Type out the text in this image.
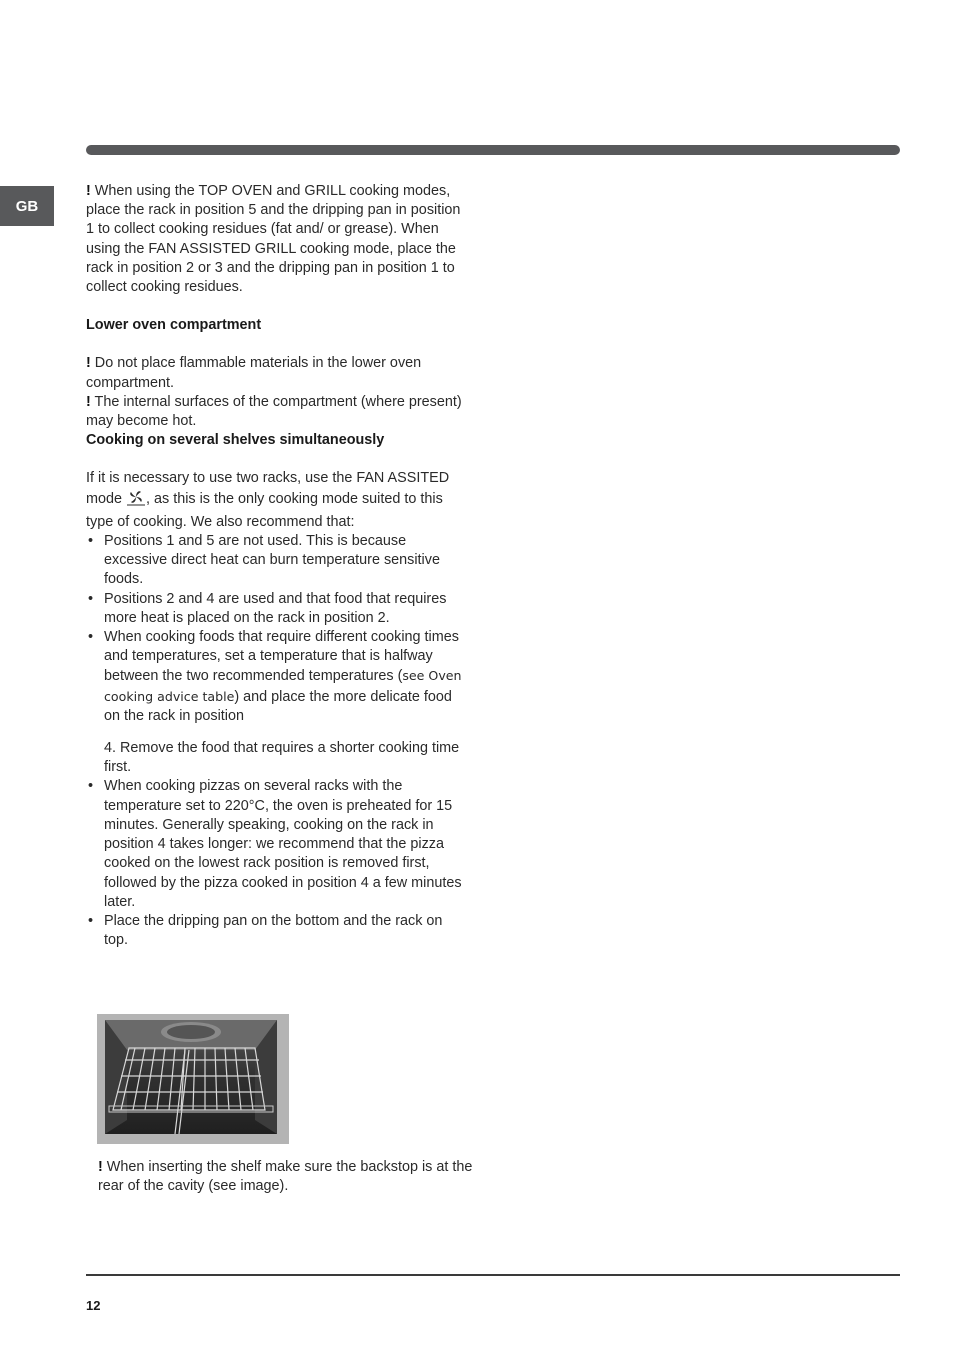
GB

! When using the TOP OVEN and GRILL cooking modes, place the rack in position 5 and the dripping pan in position 1 to collect cooking residues (fat and/ or grease). When using the FAN ASSISTED GRILL cooking mode, place the rack in position 2 or 3 and the dripping pan in position 1 to collect cooking residues.

Lower oven compartment

! Do not place flammable materials in the lower oven compartment.

! The internal surfaces of the compartment (where present) may become hot.

Cooking on several shelves simultaneously

If it is necessary to use two racks, use the FAN ASSITED mode , as this is the only cooking mode suited to this type of cooking. We also recommend that:

• Positions 1 and 5 are not used. This is because excessive direct heat can burn temperature sensitive foods.
• Positions 2 and 4 are used and that food that requires more heat is placed on the rack in position 2.
• When cooking foods that require different cooking times and temperatures, set a temperature that is halfway between the two recommended temperatures (see Oven cooking advice table) and place the more delicate food on the rack in position

4. Remove the food that requires a shorter cooking time first.

• When cooking pizzas on several racks with the temperature set to 220°C, the oven is preheated for 15 minutes. Generally speaking, cooking on the rack in position 4 takes longer: we recommend that the pizza cooked on the lowest rack position is removed first, followed by the pizza cooked in position 4 a few minutes later.
• Place the dripping pan on the bottom and the rack on top.

! When inserting the shelf make sure the backstop is at the rear of the cavity (see image).

12
